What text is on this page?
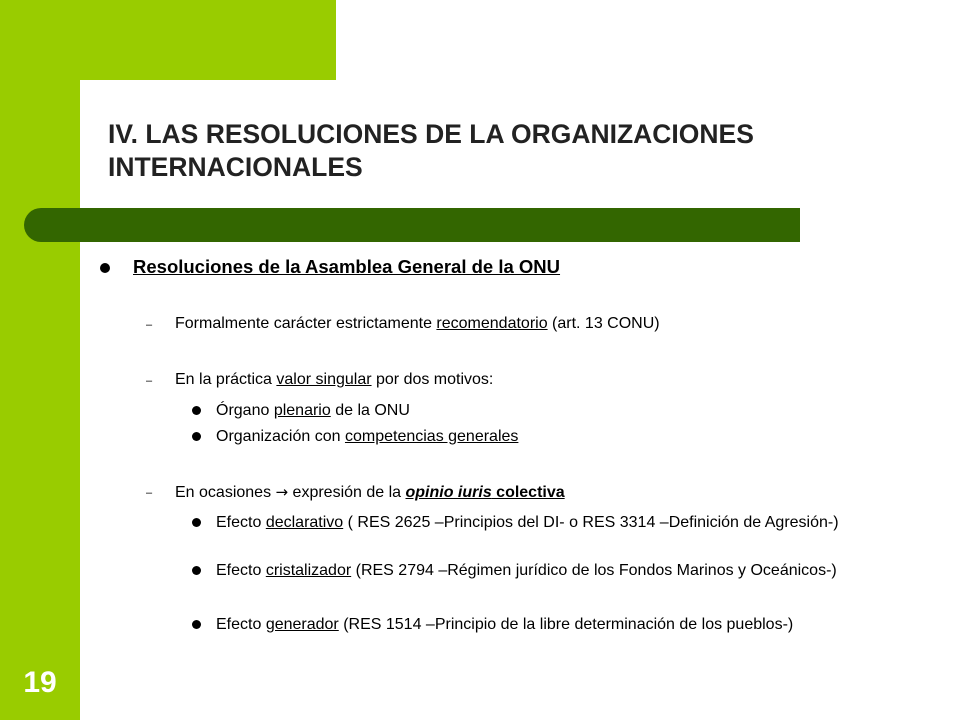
IV. LAS RESOLUCIONES DE LA ORGANIZACIONES INTERNACIONALES
19
Resoluciones de la Asamblea General de la ONU
– Formalmente carácter estrictamente recomendatorio (art. 13 CONU)
– En la práctica valor singular por dos motivos:
Órgano plenario de la ONU
Organización con competencias generales
– En ocasiones → expresión de la opinio iuris colectiva
Efecto declarativo ( RES 2625 –Principios del DI- o RES 3314 –Definición de Agresión-)
Efecto cristalizador (RES 2794 –Régimen jurídico de los Fondos Marinos y Oceánicos-)
Efecto generador (RES 1514 –Principio de la libre determinación de los pueblos-)
